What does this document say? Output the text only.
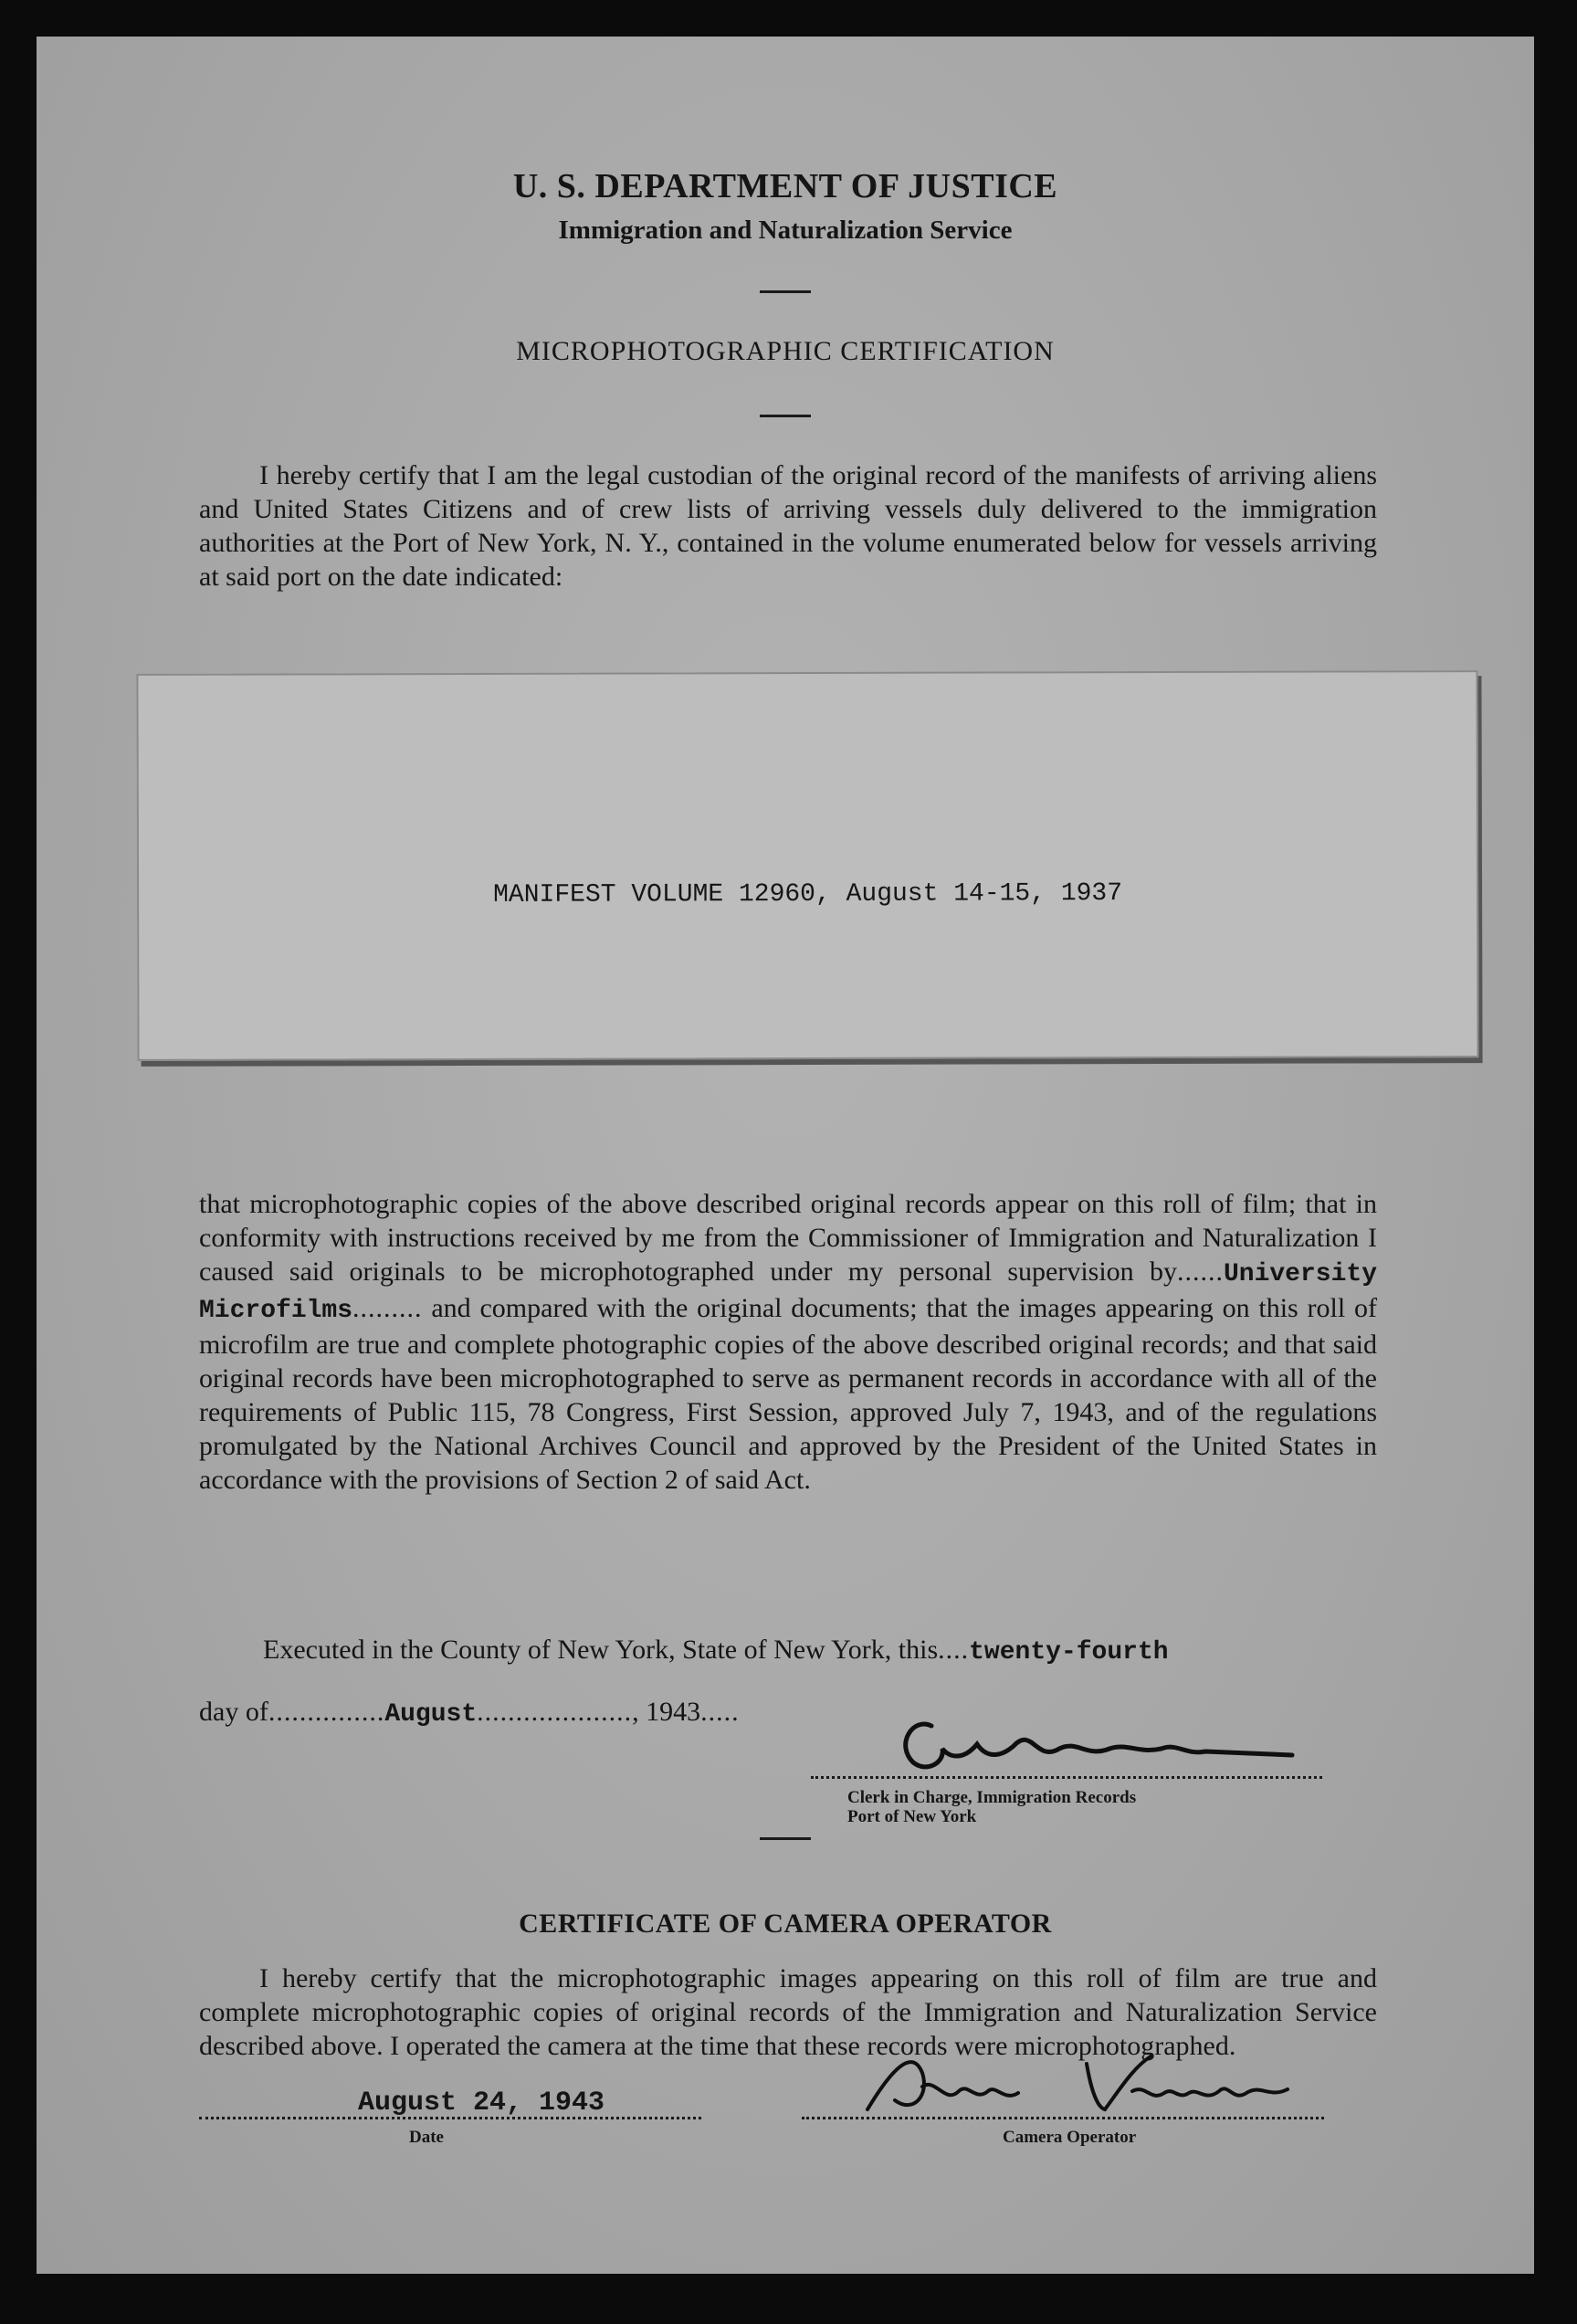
U. S. DEPARTMENT OF JUSTICE
Immigration and Naturalization Service
MICROPHOTOGRAPHIC CERTIFICATION

I hereby certify that I am the legal custodian of the original record of the manifests of arriving aliens and United States Citizens and of crew lists of arriving vessels duly delivered to the immigration authorities at the Port of New York, N. Y., contained in the volume enumerated below for vessels arriving at said port on the date indicated:

MANIFEST VOLUME 12960, August 14-15, 1937

that microphotographic copies of the above described original records appear on this roll of film; that in conformity with instructions received by me from the Commissioner of Immigration and Naturalization I caused said originals to be microphotographed under my personal supervision by......University Microfilms......... and compared with the original documents; that the images appearing on this roll of microfilm are true and complete photographic copies of the above described original records; and that said original records have been microphotographed to serve as permanent records in accordance with all of the requirements of Public 115, 78 Congress, First Session, approved July 7, 1943, and of the regulations promulgated by the National Archives Council and approved by the President of the United States in accordance with the provisions of Section 2 of said Act.

Executed in the County of New York, State of New York, this....twenty-fourth
day of...............August...................., 1943.....
Clerk in Charge, Immigration Records
Port of New York
CERTIFICATE OF CAMERA OPERATOR

I hereby certify that the microphotographic images appearing on this roll of film are true and complete microphotographic copies of original records of the Immigration and Naturalization Service described above. I operated the camera at the time that these records were microphotographed.

August 24, 1943
Date	Camera Operator
